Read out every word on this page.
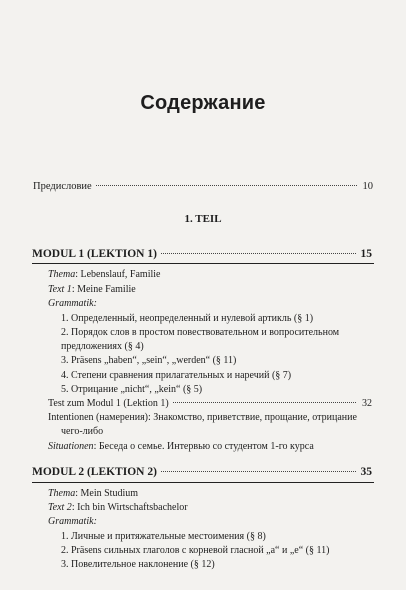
Содержание
Предисловие	10
1. TEIL
MODUL 1 (LEKTION 1)	15
Thema: Lebenslauf, Familie
Text 1: Meine Familie
Grammatik:
1. Определенный, неопределенный и нулевой артикль (§ 1)
2. Порядок слов в простом повествовательном и вопросительном
предложениях (§ 4)
3. Präsens „haben“, „sein“, „werden“ (§ 11)
4. Степени сравнения прилагательных и наречий (§ 7)
5. Отрицание „nicht“, „kein“ (§ 5)
Test zum Modul 1 (Lektion 1)	32
Intentionen (намерения): Знакомство, приветствие, прощание, отрицание
чего-либо
Situationen: Беседа о семье. Интервью со студентом 1-го курса
MODUL 2 (LEKTION 2)	35
Thema: Mein Studium
Text 2: Ich bin Wirtschaftsbachelor
Grammatik:
1. Личные и притяжательные местоимения (§ 8)
2. Präsens сильных глаголов с корневой гласной „a“ и „e“ (§ 11)
3. Повелительное наклонение (§ 12)
